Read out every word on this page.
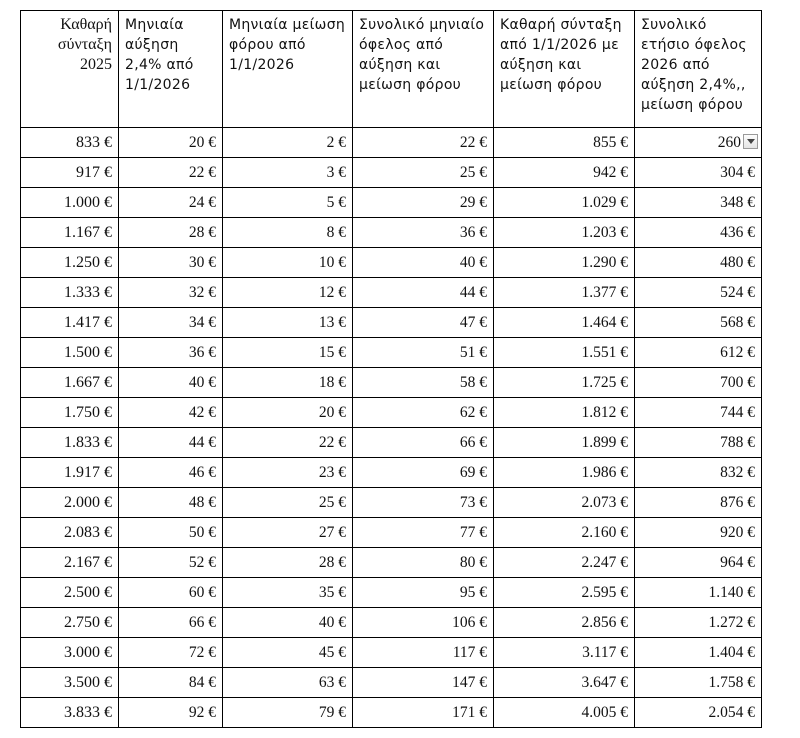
Καθαρή σύνταξη 2025	Μηνιαία αύξηση 2,4% από 1/1/2026	Μηνιαία μείωση φόρου από 1/1/2026	Συνολικό μηνιαίο όφελος από αύξηση και μείωση φόρου	Καθαρή σύνταξη από 1/1/2026 με αύξηση και μείωση φόρου	Συνολικό ετήσιο όφελος 2026 από αύξηση 2,4%,, μείωση φόρου
833 €	20 €	2 €	22 €	855 €	260
917 €	22 €	3 €	25 €	942 €	304 €
1.000 €	24 €	5 €	29 €	1.029 €	348 €
1.167 €	28 €	8 €	36 €	1.203 €	436 €
1.250 €	30 €	10 €	40 €	1.290 €	480 €
1.333 €	32 €	12 €	44 €	1.377 €	524 €
1.417 €	34 €	13 €	47 €	1.464 €	568 €
1.500 €	36 €	15 €	51 €	1.551 €	612 €
1.667 €	40 €	18 €	58 €	1.725 €	700 €
1.750 €	42 €	20 €	62 €	1.812 €	744 €
1.833 €	44 €	22 €	66 €	1.899 €	788 €
1.917 €	46 €	23 €	69 €	1.986 €	832 €
2.000 €	48 €	25 €	73 €	2.073 €	876 €
2.083 €	50 €	27 €	77 €	2.160 €	920 €
2.167 €	52 €	28 €	80 €	2.247 €	964 €
2.500 €	60 €	35 €	95 €	2.595 €	1.140 €
2.750 €	66 €	40 €	106 €	2.856 €	1.272 €
3.000 €	72 €	45 €	117 €	3.117 €	1.404 €
3.500 €	84 €	63 €	147 €	3.647 €	1.758 €
3.833 €	92 €	79 €	171 €	4.005 €	2.054 €
